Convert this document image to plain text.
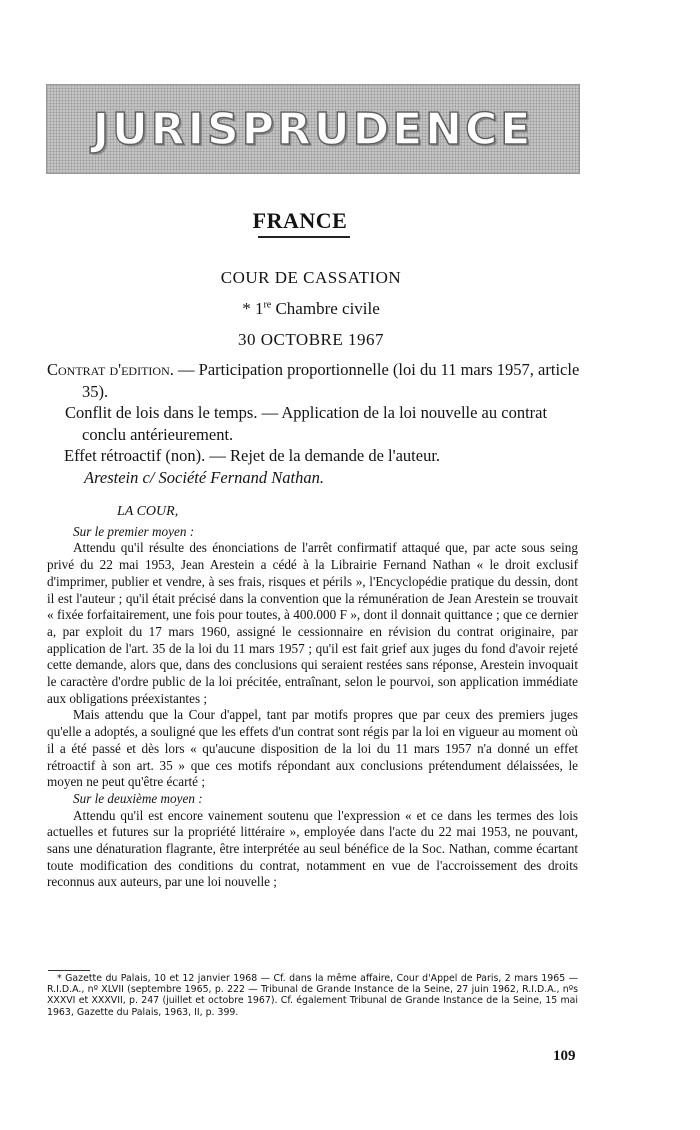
JURISPRUDENCE
FRANCE
COUR DE CASSATION
* 1re Chambre civile
30 OCTOBRE 1967

Contrat d'edition. — Participation proportionnelle (loi du 11 mars 1957, article 35).

Conflit de lois dans le temps. — Application de la loi nouvelle au contrat conclu antérieurement.

Effet rétroactif (non). — Rejet de la demande de l'auteur.

Arestein c/ Société Fernand Nathan.

LA COUR,

Sur le premier moyen :

Attendu qu'il résulte des énonciations de l'arrêt confirmatif attaqué que, par acte sous seing privé du 22 mai 1953, Jean Arestein a cédé à la Librairie Fernand Nathan « le droit exclusif d'imprimer, publier et vendre, à ses frais, risques et périls », l'Encyclopédie pratique du dessin, dont il est l'auteur ; qu'il était précisé dans la convention que la rémunération de Jean Arestein se trouvait « fixée forfaitairement, une fois pour toutes, à 400.000 F », dont il donnait quittance ; que ce dernier a, par exploit du 17 mars 1960, assigné le cessionnaire en révision du contrat originaire, par application de l'art. 35 de la loi du 11 mars 1957 ; qu'il est fait grief aux juges du fond d'avoir rejeté cette demande, alors que, dans des conclusions qui seraient restées sans réponse, Arestein invoquait le caractère d'ordre public de la loi précitée, entraînant, selon le pourvoi, son application immédiate aux obligations préexistantes ;

Mais attendu que la Cour d'appel, tant par motifs propres que par ceux des premiers juges qu'elle a adoptés, a souligné que les effets d'un contrat sont régis par la loi en vigueur au moment où il a été passé et dès lors « qu'aucune disposition de la loi du 11 mars 1957 n'a donné un effet rétroactif à son art. 35 » que ces motifs répondant aux conclusions prétendument délaissées, le moyen ne peut qu'être écarté ;

Sur le deuxième moyen :

Attendu qu'il est encore vainement soutenu que l'expression « et ce dans les termes des lois actuelles et futures sur la propriété littéraire », employée dans l'acte du 22 mai 1953, ne pouvant, sans une dénaturation flagrante, être interprétée au seul bénéfice de la Soc. Nathan, comme écartant toute modification des conditions du contrat, notamment en vue de l'accroissement des droits reconnus aux auteurs, par une loi nouvelle ;

* Gazette du Palais, 10 et 12 janvier 1968 — Cf. dans la même affaire, Cour d'Appel de Paris, 2 mars 1965 — R.I.D.A., nº XLVII (septembre 1965, p. 222 — Tribunal de Grande Instance de la Seine, 27 juin 1962, R.I.D.A., nºs XXXVI et XXXVII, p. 247 (juillet et octobre 1967). Cf. également Tribunal de Grande Instance de la Seine, 15 mai 1963, Gazette du Palais, 1963, II, p. 399.

109
